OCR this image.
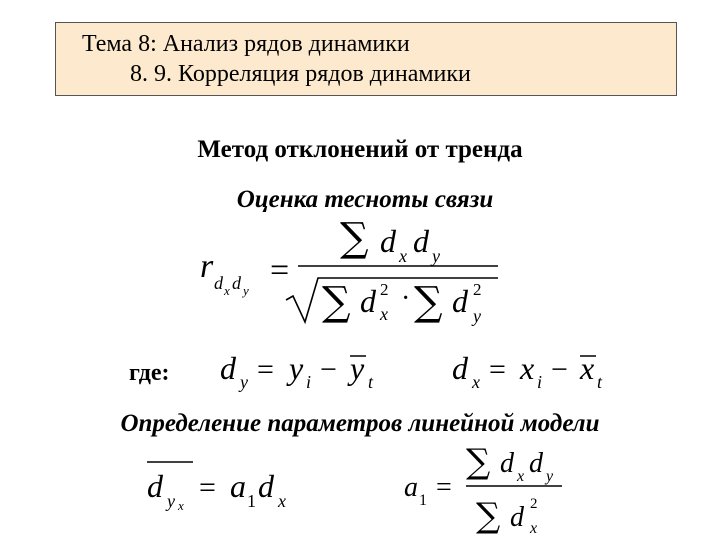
Тема 8: Анализ рядов динамики
8. 9. Корреляция рядов динамики
Метод отклонений от тренда
Оценка тесноты связи
r d x d y
=
∑ d x d y
∑ d 2
x · ∑ d 2
y
где: d y = y i − y t d x = x i − x t
Определение параметров линейной модели
d y x
= a 1 d x	a 1 =
∑ d x d y
∑ d 2
x
